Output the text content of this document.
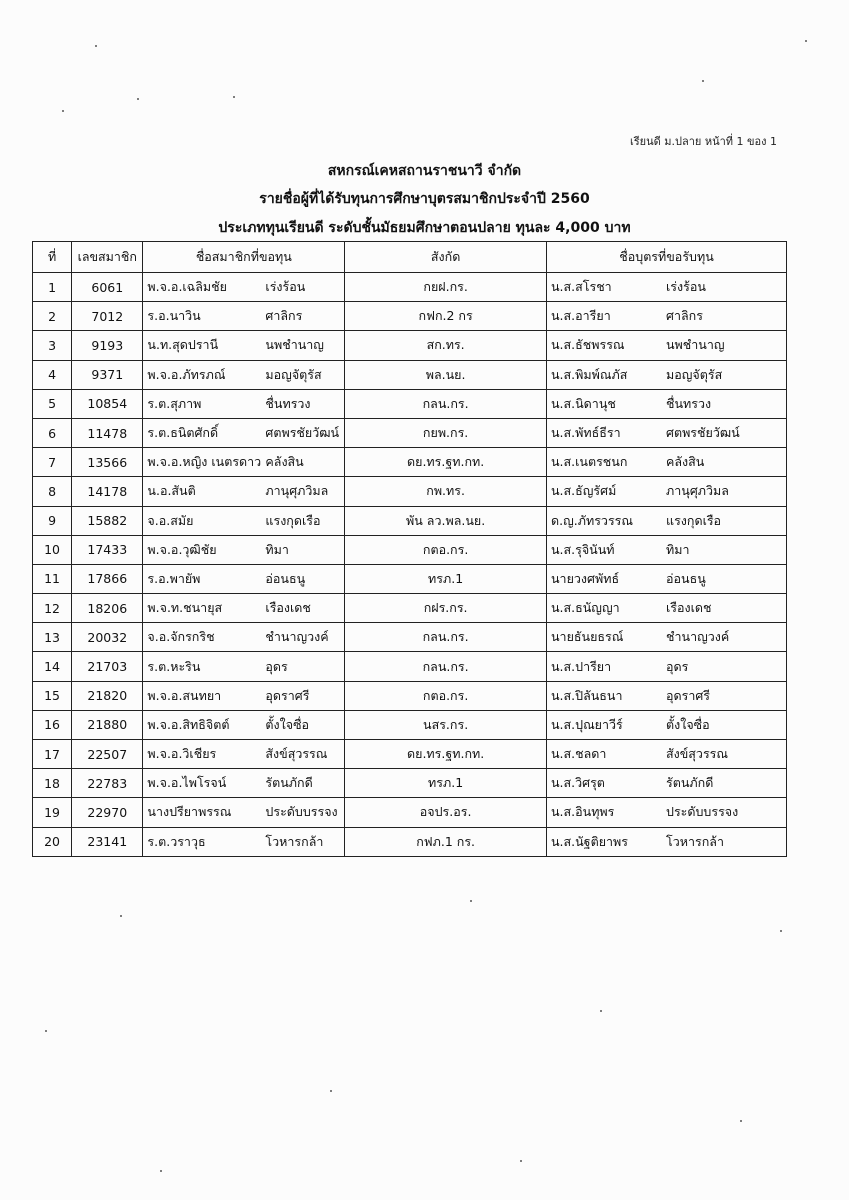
เรียนดี ม.ปลาย หน้าที่ 1 ของ 1
สหกรณ์เคหสถานราชนาวี จำกัด
รายชื่อผู้ที่ได้รับทุนการศึกษาบุตรสมาชิกประจำปี 2560
ประเภททุนเรียนดี ระดับชั้นมัธยมศึกษาตอนปลาย ทุนละ 4,000 บาท
ที่	เลขสมาชิก	ชื่อสมาชิกที่ขอทุน	สังกัด	ชื่อบุตรที่ขอรับทุน
1	6061	พ.จ.อ.เฉลิมชัย เร่งร้อน	กยฝ.กร.	น.ส.สโรชา เร่งร้อน

2	7012	ร.อ.นาวิน ศาลิกร	กฟก.2 กร	น.ส.อารียา ศาลิกร

3	9193	น.ท.สุดปรานี นพชำนาญ	สก.ทร.	น.ส.ธัชพรรณ นพชำนาญ

4	9371	พ.จ.อ.ภัทรภณ์ มอญจัตุรัส	พล.นย.	น.ส.พิมพ์ณภัส มอญจัตุรัส

5	10854	ร.ต.สุภาพ ชื่นทรวง	กลน.กร.	น.ส.นิดานุช ชื่นทรวง

6	11478	ร.ต.ธนิตศักดิ์ ศตพรชัยวัฒน์	กยพ.กร.	น.ส.พัทธ์ธีรา ศตพรชัยวัฒน์

7	13566	พ.จ.อ.หญิง เนตรดาว คลังสิน	ดย.ทร.ฐท.กท.	น.ส.เนตรชนก คลังสิน

8	14178	น.อ.สันติ ภานุศุภวิมล	กพ.ทร.	น.ส.ธัญรัศม์ ภานุศุภวิมล

9	15882	จ.อ.สมัย แรงกุดเรือ	พัน ลว.พล.นย.	ด.ญ.ภัทรวรรณ แรงกุดเรือ

10	17433	พ.จ.อ.วุฒิชัย ทิมา	กตอ.กร.	น.ส.รุจินันท์ ทิมา

11	17866	ร.อ.พายัพ อ่อนธนู	ทรภ.1	นายวงศพัทธ์ อ่อนธนู

12	18206	พ.จ.ท.ชนายุส เรืองเดช	กฝร.กร.	น.ส.ธนัญญา เรืองเดช

13	20032	จ.อ.จักรกริช ชำนาญวงค์	กลน.กร.	นายธันยธรณ์ ชำนาญวงค์

14	21703	ร.ต.หะริน อุดร	กลน.กร.	น.ส.ปารียา อุดร

15	21820	พ.จ.อ.สนทยา อุดราศรี	กตอ.กร.	น.ส.ปิลันธนา อุดราศรี

16	21880	พ.จ.อ.สิทธิจิตต์ ตั้งใจซื่อ	นสร.กร.	น.ส.ปุณยาวีร์ ตั้งใจซื่อ

17	22507	พ.จ.อ.วิเชียร สังข์สุวรรณ	ดย.ทร.ฐท.กท.	น.ส.ชลดา สังข์สุวรรณ

18	22783	พ.จ.อ.ไพโรจน์ รัตนภักดี	ทรภ.1	น.ส.วิศรุต รัตนภักดี

19	22970	นางปรียาพรรณ ประดับบรรจง	อจปร.อร.	น.ส.อินทุพร ประดับบรรจง

20	23141	ร.ต.วราวุธ โวหารกล้า	กฟภ.1 กร.	น.ส.นัฐติยาพร โวหารกล้า
